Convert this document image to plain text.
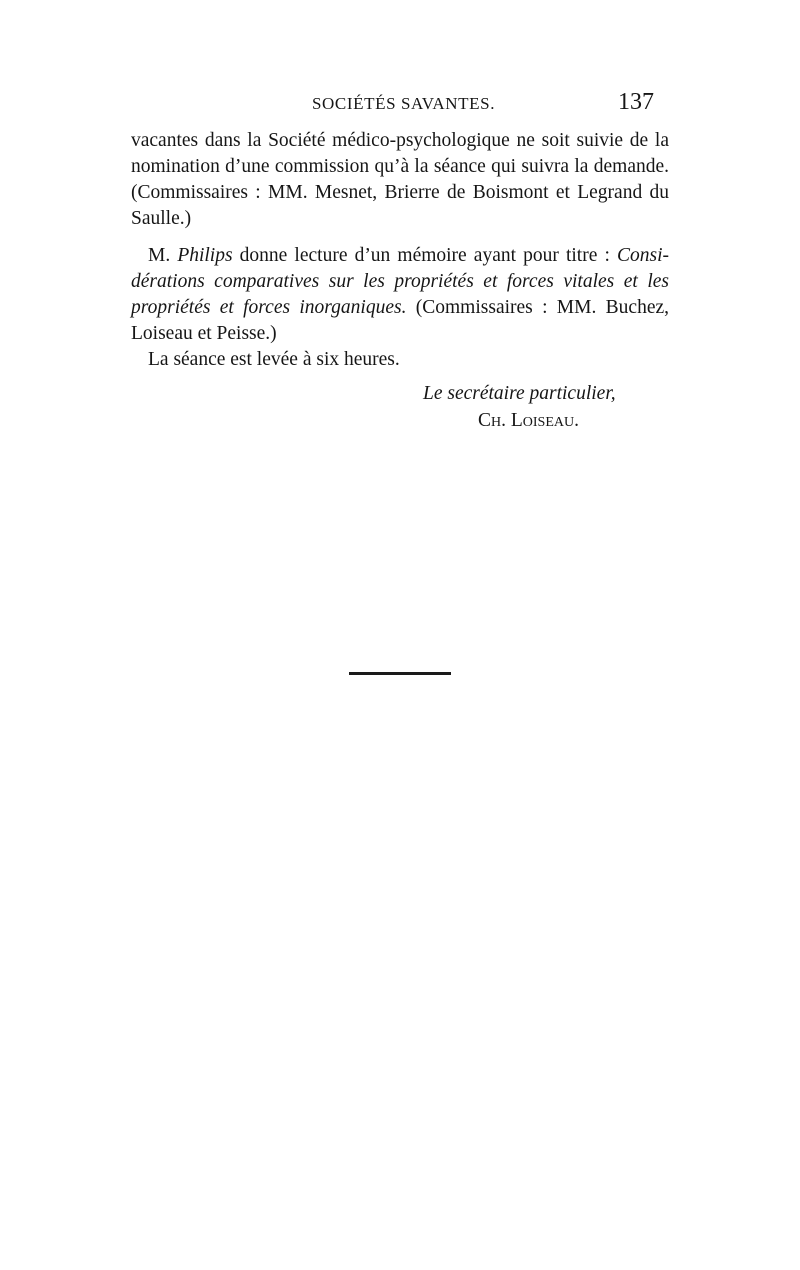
SOCIÉTÉS SAVANTES.	137
vacantes dans la Société médico-psychologique ne soit suivie de la
nomination d’une commission qu’à la séance qui suivra la demande.
(Commissaires : MM. Mesnet, Brierre de Boismont et Legrand du
Saulle.)
M. Philips donne lecture d’un mémoire ayant pour titre : Consi-
dérations comparatives sur les propriétés et forces vitales et les
propriétés et forces inorganiques. (Commissaires : MM. Buchez,
Loiseau et Peisse.)
La séance est levée à six heures.
Le secrétaire particulier,
Ch. Loiseau.
